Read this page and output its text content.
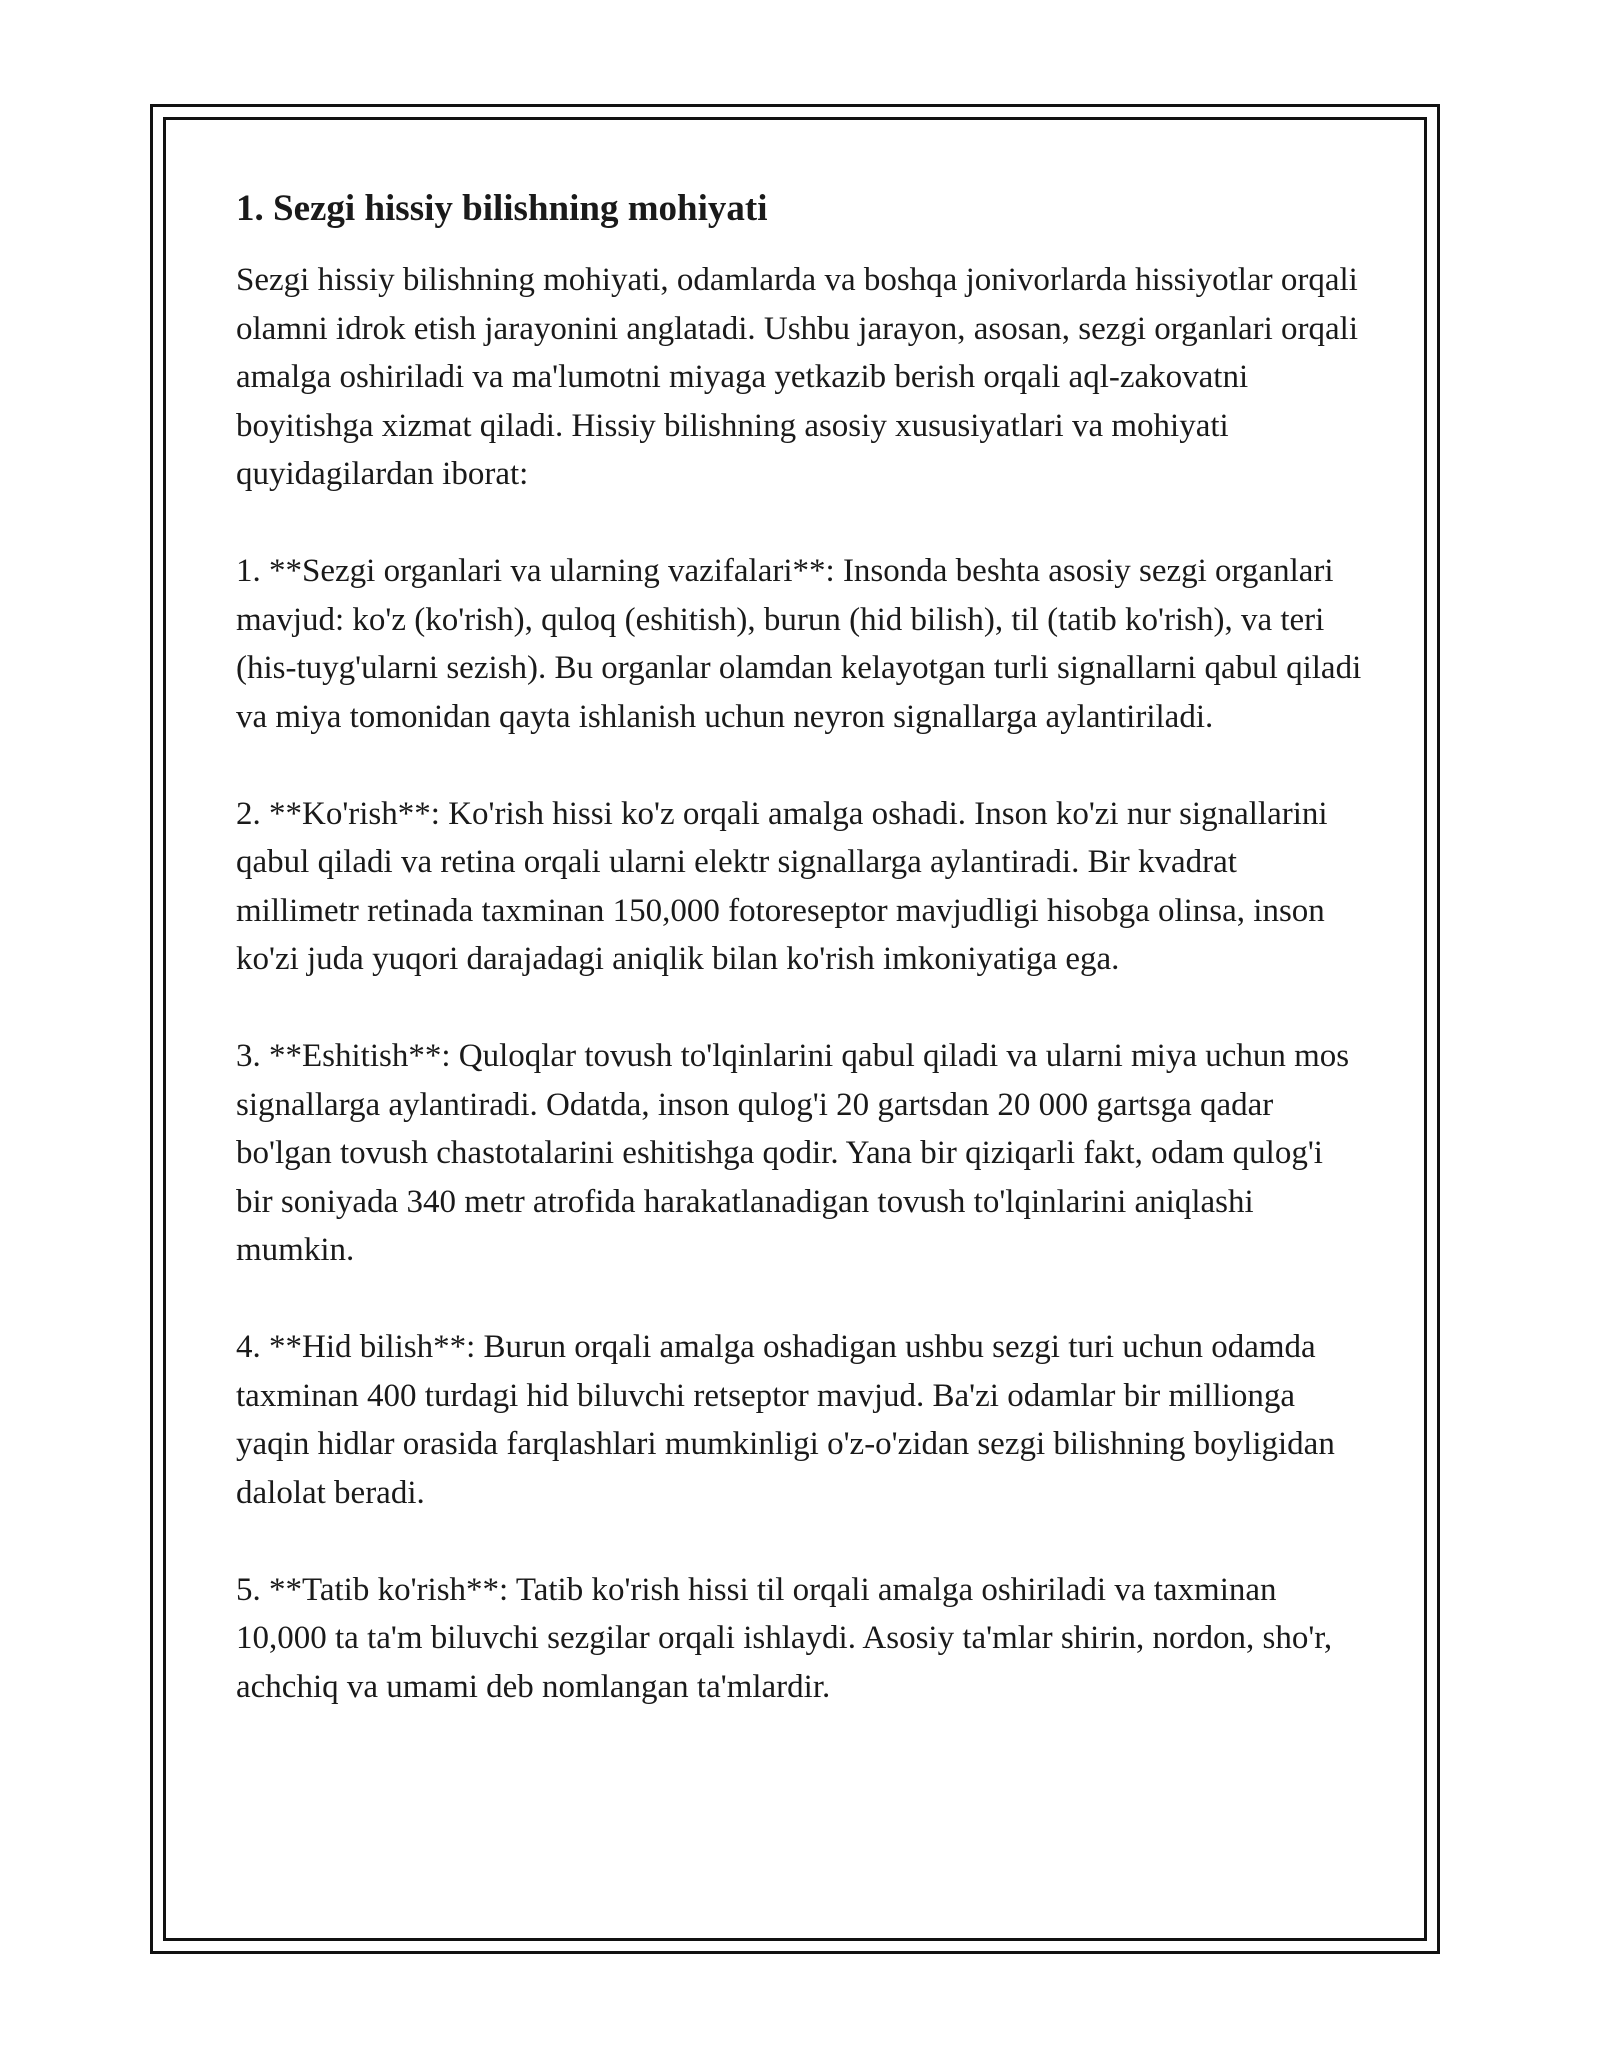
1. Sezgi hissiy bilishning mohiyati

Sezgi hissiy bilishning mohiyati, odamlarda va boshqa jonivorlarda hissiyotlar orqali olamni idrok etish jarayonini anglatadi. Ushbu jarayon, asosan, sezgi organlari orqali amalga oshiriladi va ma'lumotni miyaga yetkazib berish orqali aql-zakovatni boyitishga xizmat qiladi. Hissiy bilishning asosiy xususiyatlari va mohiyati quyidagilardan iborat:

1. **Sezgi organlari va ularning vazifalari**: Insonda beshta asosiy sezgi organlari mavjud: ko'z (ko'rish), quloq (eshitish), burun (hid bilish), til (tatib ko'rish), va teri (his-tuyg'ularni sezish). Bu organlar olamdan kelayotgan turli signallarni qabul qiladi va miya tomonidan qayta ishlanish uchun neyron signallarga aylantiriladi.

2. **Ko'rish**: Ko'rish hissi ko'z orqali amalga oshadi. Inson ko'zi nur signallarini qabul qiladi va retina orqali ularni elektr signallarga aylantiradi. Bir kvadrat millimetr retinada taxminan 150,000 fotoreseptor mavjudligi hisobga olinsa, inson ko'zi juda yuqori darajadagi aniqlik bilan ko'rish imkoniyatiga ega.

3. **Eshitish**: Quloqlar tovush to'lqinlarini qabul qiladi va ularni miya uchun mos signallarga aylantiradi. Odatda, inson qulog'i 20 gartsdan 20 000 gartsga qadar bo'lgan tovush chastotalarini eshitishga qodir. Yana bir qiziqarli fakt, odam qulog'i bir soniyada 340 metr atrofida harakatlanadigan tovush to'lqinlarini aniqlashi mumkin.

4. **Hid bilish**: Burun orqali amalga oshadigan ushbu sezgi turi uchun odamda taxminan 400 turdagi hid biluvchi retseptor mavjud. Ba'zi odamlar bir millionga yaqin hidlar orasida farqlashlari mumkinligi o'z-o'zidan sezgi bilishning boyligidan dalolat beradi.

5. **Tatib ko'rish**: Tatib ko'rish hissi til orqali amalga oshiriladi va taxminan 10,000 ta ta'm biluvchi sezgilar orqali ishlaydi. Asosiy ta'mlar shirin, nordon, sho'r, achchiq va umami deb nomlangan ta'mlardir.
